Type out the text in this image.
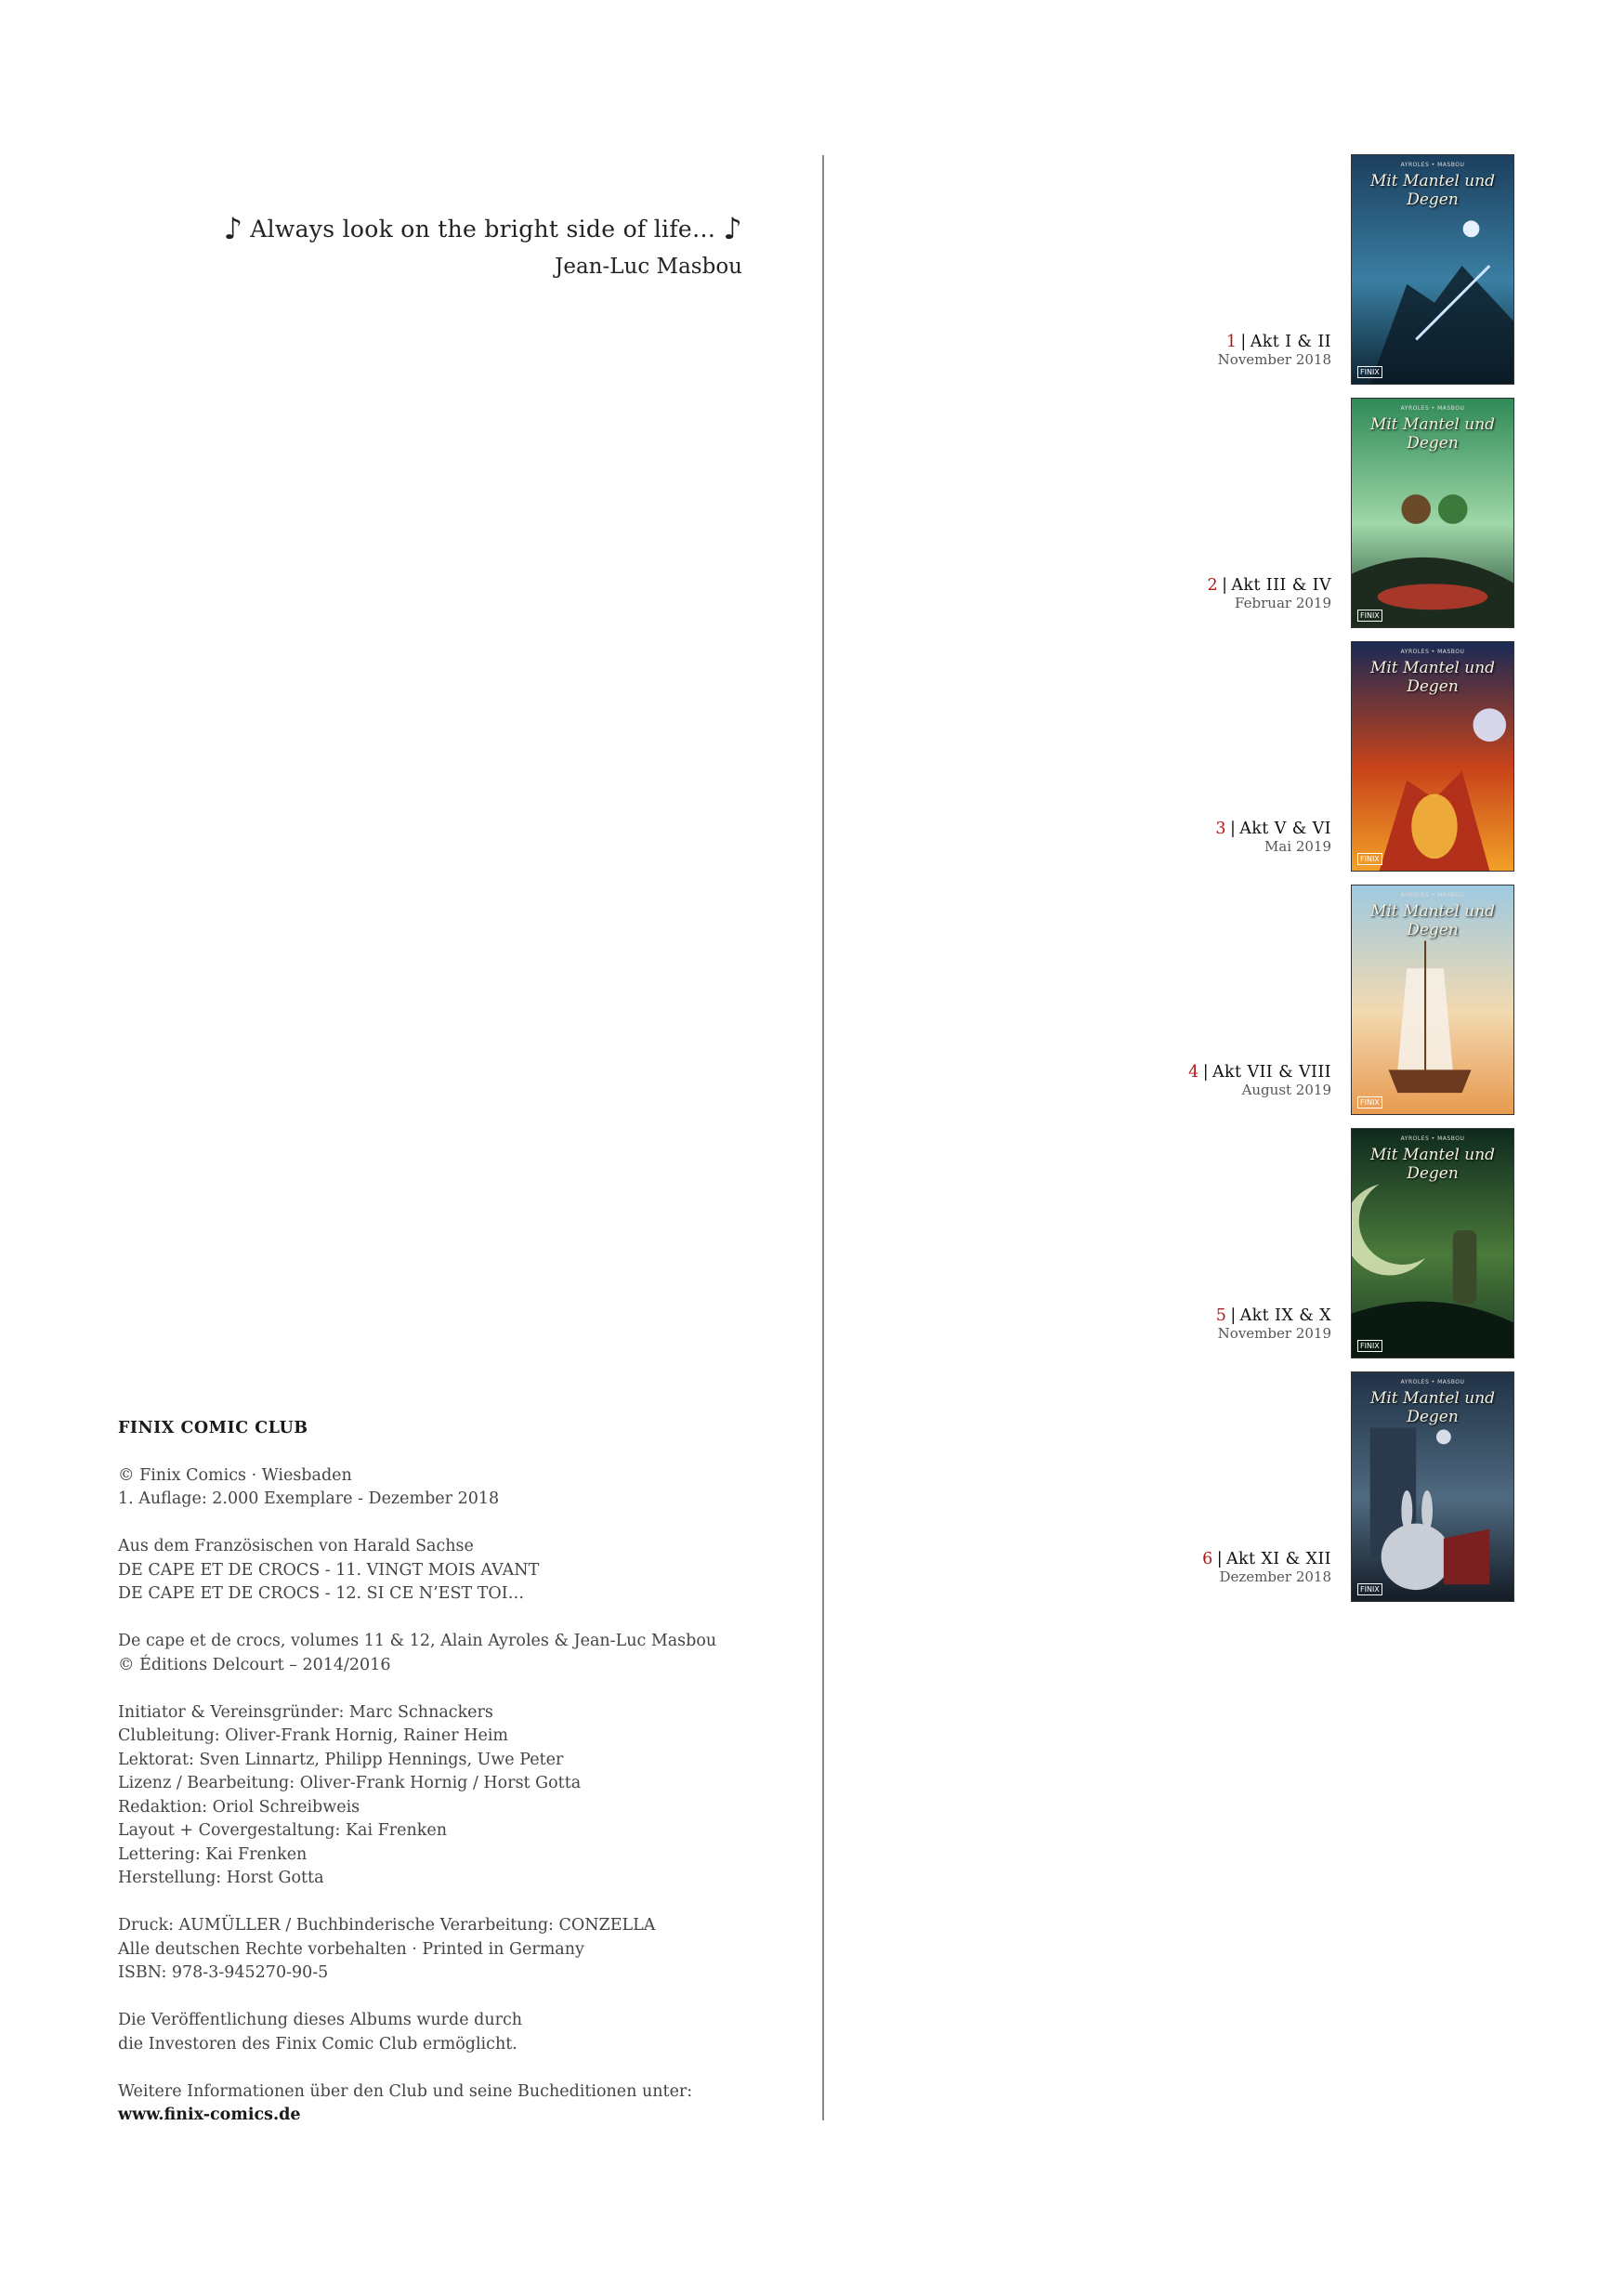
♪ Always look on the bright side of life… ♪
Jean-Luc Masbou
FINIX COMIC CLUB

© Finix Comics · Wiesbaden
1. Auflage: 2.000 Exemplare - Dezember 2018

Aus dem Französischen von Harald Sachse
DE CAPE ET DE CROCS - 11. VINGT MOIS AVANT
DE CAPE ET DE CROCS - 12. SI CE N’EST TOI…

De cape et de crocs, volumes 11 & 12, Alain Ayroles & Jean-Luc Masbou
© Éditions Delcourt – 2014/2016

Initiator & Vereinsgründer: Marc Schnackers
Clubleitung: Oliver-Frank Hornig, Rainer Heim
Lektorat: Sven Linnartz, Philipp Hennings, Uwe Peter
Lizenz / Bearbeitung: Oliver-Frank Hornig / Horst Gotta
Redaktion: Oriol Schreibweis
Layout + Covergestaltung: Kai Frenken
Lettering: Kai Frenken
Herstellung: Horst Gotta

Druck: AUMÜLLER / Buchbinderische Verarbeitung: CONZELLA
Alle deutschen Rechte vorbehalten · Printed in Germany
ISBN: 978-3-945270-90-5

Die Veröffentlichung dieses Albums wurde durch
die Investoren des Finix Comic Club ermöglicht.

Weitere Informationen über den Club und seine Bucheditionen unter:
www.finix-comics.de
1 | Akt I & II
November 2018
AYROLES • MASBOU
Mit Mantel und Degen
FINIX
2 | Akt III & IV
Februar 2019
AYROLES • MASBOU
Mit Mantel und Degen
FINIX
3 | Akt V & VI
Mai 2019
AYROLES • MASBOU
Mit Mantel und Degen
FINIX
4 | Akt VII & VIII
August 2019
AYROLES • MASBOU
Mit Mantel und Degen
FINIX
5 | Akt IX & X
November 2019
AYROLES • MASBOU
Mit Mantel und Degen
FINIX
6 | Akt XI & XII
Dezember 2018
AYROLES • MASBOU
Mit Mantel und Degen
FINIX
